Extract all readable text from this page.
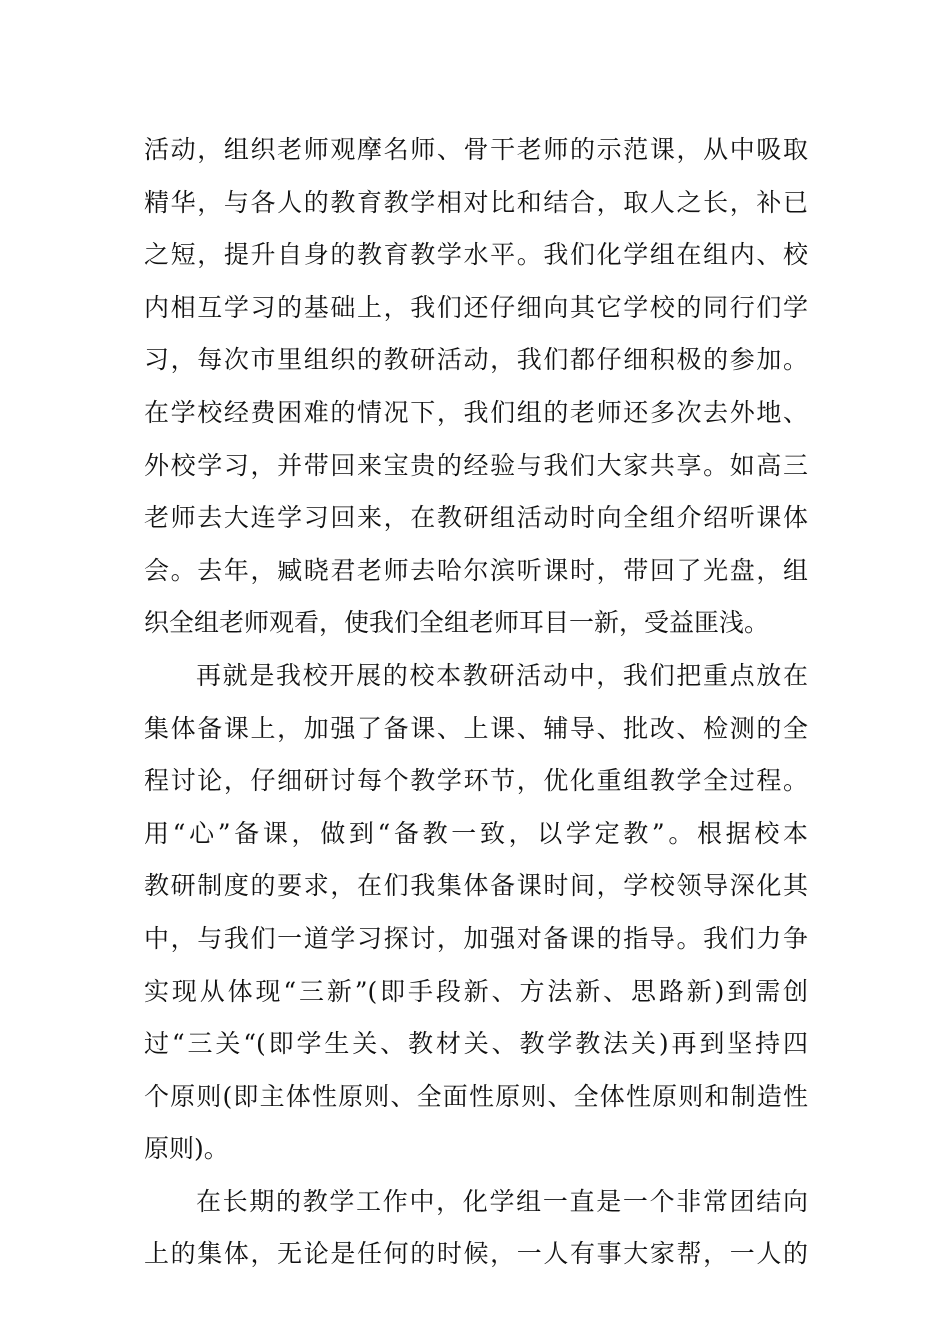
活动，组织老师观摩名师、骨干老师的示范课，从中吸取
精华，与各人的教育教学相对比和结合，取人之长，补已
之短，提升自身的教育教学水平。我们化学组在组内、校
内相互学习的基础上，我们还仔细向其它学校的同行们学
习，每次市里组织的教研活动，我们都仔细积极的参加。
在学校经费困难的情况下，我们组的老师还多次去外地、
外校学习，并带回来宝贵的经验与我们大家共享。如高三
老师去大连学习回来，在教研组活动时向全组介绍听课体
会。去年，臧晓君老师去哈尔滨听课时，带回了光盘，组
织全组老师观看，使我们全组老师耳目一新，受益匪浅。
再就是我校开展的校本教研活动中，我们把重点放在
集体备课上，加强了备课、上课、辅导、批改、检测的全
程讨论，仔细研讨每个教学环节，优化重组教学全过程。
用“心”备课，做到“备教一致，以学定教”。根据校本
教研制度的要求，在们我集体备课时间，学校领导深化其
中，与我们一道学习探讨，加强对备课的指导。我们力争
实现从体现“三新”(即手段新、方法新、思路新)到需创
过“三关“(即学生关、教材关、教学教法关)再到坚持四
个原则(即主体性原则、全面性原则、全体性原则和制造性
原则)。
在长期的教学工作中，化学组一直是一个非常团结向
上的集体，无论是任何的时候，一人有事大家帮，一人的
